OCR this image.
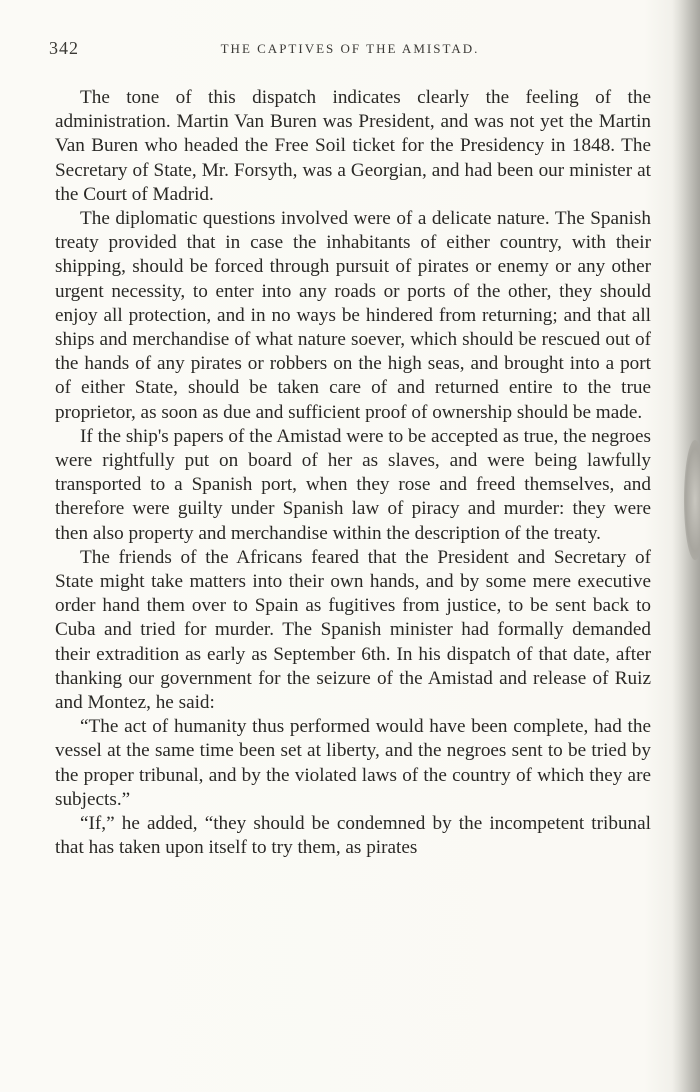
342	THE CAPTIVES OF THE AMISTAD.

The tone of this dispatch indicates clearly the feeling of the administration. Martin Van Buren was President, and was not yet the Martin Van Buren who headed the Free Soil ticket for the Presidency in 1848. The Secretary of State, Mr. Forsyth, was a Georgian, and had been our minister at the Court of Madrid.

The diplomatic questions involved were of a delicate nature. The Spanish treaty provided that in case the inhabitants of either country, with their shipping, should be forced through pursuit of pirates or enemy or any other urgent necessity, to enter into any roads or ports of the other, they should enjoy all protection, and in no ways be hindered from returning; and that all ships and merchandise of what nature soever, which should be rescued out of the hands of any pirates or robbers on the high seas, and brought into a port of either State, should be taken care of and returned entire to the true proprietor, as soon as due and sufficient proof of ownership should be made.

If the ship's papers of the Amistad were to be accepted as true, the negroes were rightfully put on board of her as slaves, and were being lawfully transported to a Spanish port, when they rose and freed themselves, and therefore were guilty under Spanish law of piracy and murder: they were then also property and merchandise within the description of the treaty.

The friends of the Africans feared that the President and Secretary of State might take matters into their own hands, and by some mere executive order hand them over to Spain as fugitives from justice, to be sent back to Cuba and tried for murder. The Spanish minister had formally demanded their extradition as early as September 6th. In his dispatch of that date, after thanking our government for the seizure of the Amistad and release of Ruiz and Montez, he said:

“The act of humanity thus performed would have been complete, had the vessel at the same time been set at liberty, and the negroes sent to be tried by the proper tribunal, and by the violated laws of the country of which they are subjects.”

“If,” he added, “they should be condemned by the incompetent tribunal that has taken upon itself to try them, as pirates
